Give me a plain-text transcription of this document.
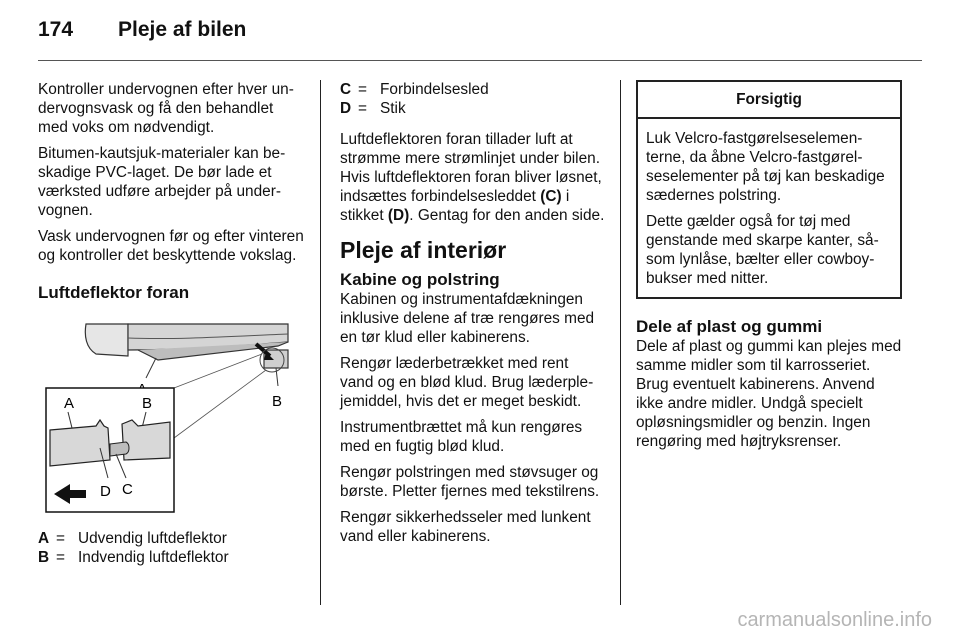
174 Pleje af bilen

Kontroller undervognen efter hver undervognsvask og få den behandlet med voks om nødvendigt.

Bitumen-kautsjuk-materialer kan beskadige PVC-laget. De bør lade et værksted udføre arbejder på undervognen.

Vask undervognen før og efter vinteren og kontroller det beskyttende vokslag.

Luftdeflektor foran
B
A	B
D C
A = Udvendig luftdeflektor
B = Indvendig luftdeflektor
C = Forbindelsesled
D = Stik

Luftdeflektoren foran tillader luft at strømme mere strømlinjet under bilen. Hvis luftdeflektoren foran bliver løsnet, indsættes forbindelsesleddet (C) i stikket (D). Gentag for den anden side.

Pleje af interiør
Kabine og polstring

Kabinen og instrumentafdækningen inklusive delene af træ rengøres med en tør klud eller kabinerens.

Rengør læderbetrækket med rent vand og en blød klud. Brug læderplejemiddel, hvis det er meget beskidt.

Instrumentbrættet må kun rengøres med en fugtig blød klud.

Rengør polstringen med støvsuger og børste. Pletter fjernes med tekstilrens.

Rengør sikkerhedsseler med lunkent vand eller kabinerens.

Forsigtig

Luk Velcro-fastgørelseselementerne, da åbne Velcro-fastgørelseselementer på tøj kan beskadige sædernes polstring.

Dette gælder også for tøj med genstande med skarpe kanter, såsom lynlåse, bælter eller cowboybukser med nitter.

Dele af plast og gummi

Dele af plast og gummi kan plejes med samme midler som til karrosseriet. Brug eventuelt kabinerens. Anvend ikke andre midler. Undgå specielt opløsningsmidler og benzin. Ingen rengøring med højtryksrenser.

carmanualsonline.info
